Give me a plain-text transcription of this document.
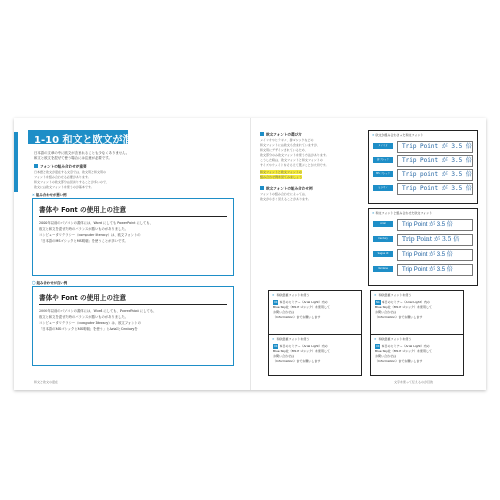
1-10 和文と欧文が混ざる文章
日本語の文章の中に欧文が含まれることも少なくありません。
和文と欧文を混ぜて使う場合には注意が必要です。
フォントの組み合わせが重要
日本語と欧文が混在する文章では、欧文用と和文用の
フォントを組み合わせる必要があります。
和文フォントの欧文部分は見劣りすることが多いので、
欧文には欧文フォントを使うのが基本です。
✕ 組み合わせが悪い例
書体や Font の使用上の注意
2000年以前のパソコンの書体には、Word にしても PowerPoint にしても、
欧文と和文を混ぜた時のバランスが悪いものがありました。
コンピュータリテラシー（computer literacy）は、欧文フォントの
「日本語のMSゴシックとMS明朝」を使うことが多いです。
〇 組み合わせが良い例
書体や Font の使用上の注意
2000年以前のパソコンの書体には、Word にしても、PowerPoint にしても、
欧文と和文を混ぜた時のバランスが悪いものがありました。
コンピュータリテラシー（computer literacy）は、欧文フォントの
「日本語のMSゴシックとMS明朝」を使う」とArialとCenturyを
和文と欧文の混在
欧文フォントの選び方
メイリオやヒラギノ、游ゴシックなどの
和文フォントには欧文も含まれていますが、
和文用にデザインされているため、
欧文部分のみ欧文フォントを使う方法があります。
こうした時は、欧文フォントと和文フォントの
サイズやウェイトをそろえて選ぶことが大切です。
和文フォントと欧文フォントの
組み合わせ例を見てみましょう
欧文フォントの組み合わせ例
フォントの組み合わせによっては、
欧文が小さく見えることがあります。
✕ 欧文が組み合わさった和文フォント
メイリオ	Trip Point が 3.5 倍
游ゴシック	Trip Point が 3.5 倍
MS ゴシック	Trip point が 3.5 倍
ヒラギノ	Trip Point が 3.5 倍
✕ 和文フォントと組み合わせた欧文フォント
Arial	Trip Point が 3.5 倍
Century	Trip Point が 3.5 倍
Segoe UI	Trip Point が 3.5 倍
Verdana	Trip Point が 3.5 倍
✕ 和欧混植フォントを使う
OK 本日のセミナー（Arial Light）内の
Blue Sky社（MS P ゴシック）を使用して
お問い合わせは
（Information）までお願いします
✕ 和欧混植フォントを使う
NG 本日のセミナー（Arial Light）内の
Blue Sky社（MS P ゴシック）を使用して
お問い合わせは
（Information）までお願いします
✕ 和欧混植フォントを使う
OK 本日のセミナー（Arial Light）内の
Blue Sky社（MS P ゴシック）を使用して
お問い合わせは
（Information）までお願いします
✕ 和欧混植フォントを使う
OK 本日のセミナー（Arial Light）内の
Blue Sky社（MS P ゴシック）を使用して
お問い合わせは
（Information）までお願いします
文字を使って伝えるのが目的
